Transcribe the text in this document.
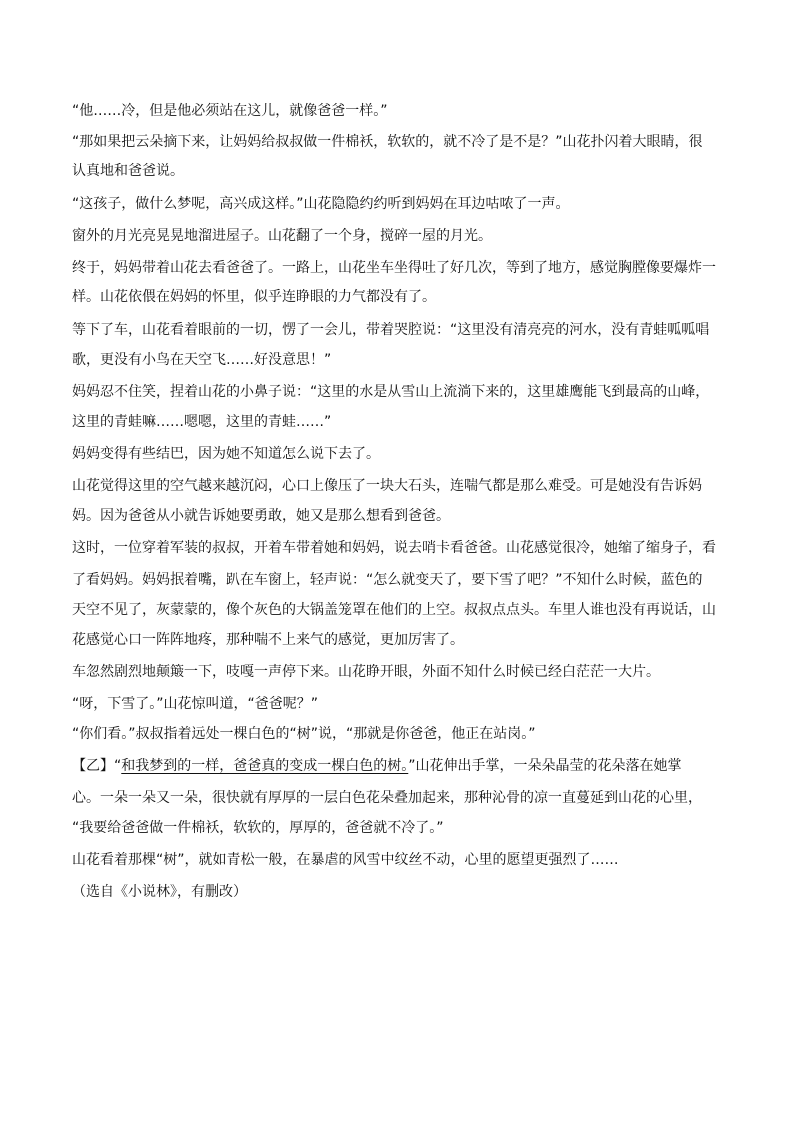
“他……冷，但是他必须站在这儿，就像爸爸一样。”
“那如果把云朵摘下来，让妈妈给叔叔做一件棉袄，软软的，就不冷了是不是？”山花扑闪着大眼睛，很
认真地和爸爸说。
“这孩子，做什么梦呢，高兴成这样。”山花隐隐约约听到妈妈在耳边咕哝了一声。
窗外的月光亮晃晃地溜进屋子。山花翻了一个身，搅碎一屋的月光。
终于，妈妈带着山花去看爸爸了。一路上，山花坐车坐得吐了好几次，等到了地方，感觉胸膛像要爆炸一
样。山花依偎在妈妈的怀里，似乎连睁眼的力气都没有了。
等下了车，山花看着眼前的一切，愣了一会儿，带着哭腔说：“这里没有清亮亮的河水，没有青蛙呱呱唱
歌，更没有小鸟在天空飞……好没意思！”
妈妈忍不住笑，捏着山花的小鼻子说：“这里的水是从雪山上流淌下来的，这里雄鹰能飞到最高的山峰，
这里的青蛙嘛……嗯嗯，这里的青蛙……”
妈妈变得有些结巴，因为她不知道怎么说下去了。
山花觉得这里的空气越来越沉闷，心口上像压了一块大石头，连喘气都是那么难受。可是她没有告诉妈
妈。因为爸爸从小就告诉她要勇敢，她又是那么想看到爸爸。
这时，一位穿着军装的叔叔，开着车带着她和妈妈，说去哨卡看爸爸。山花感觉很冷，她缩了缩身子，看
了看妈妈。妈妈抿着嘴，趴在车窗上，轻声说：“怎么就变天了，要下雪了吧？”不知什么时候，蓝色的
天空不见了，灰蒙蒙的，像个灰色的大锅盖笼罩在他们的上空。叔叔点点头。车里人谁也没有再说话，山
花感觉心口一阵阵地疼，那种喘不上来气的感觉，更加厉害了。
车忽然剧烈地颠簸一下，吱嘎一声停下来。山花睁开眼，外面不知什么时候已经白茫茫一大片。
“呀，下雪了。”山花惊叫道，“爸爸呢？”
“你们看。”叔叔指着远处一棵白色的“树”说，“那就是你爸爸，他正在站岗。”
【乙】“和我梦到的一样，爸爸真的变成一棵白色的树。”山花伸出手掌，一朵朵晶莹的花朵落在她掌
心。一朵一朵又一朵，很快就有厚厚的一层白色花朵叠加起来，那种沁骨的凉一直蔓延到山花的心里，
“我要给爸爸做一件棉袄，软软的，厚厚的，爸爸就不冷了。”
山花看着那棵“树”，就如青松一般，在暴虐的风雪中纹丝不动，心里的愿望更强烈了……
（选自《小说林》，有删改）
